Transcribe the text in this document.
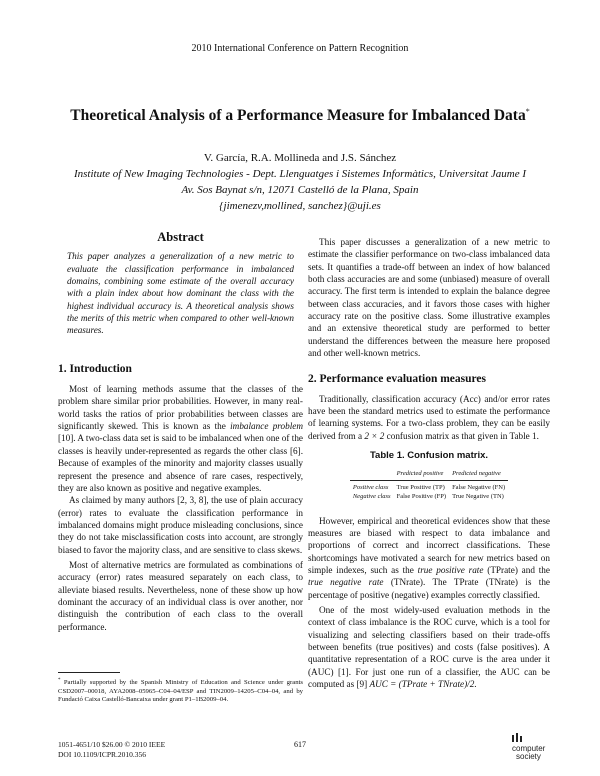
2010 International Conference on Pattern Recognition
Theoretical Analysis of a Performance Measure for Imbalanced Data*
V. García, R.A. Mollineda and J.S. Sánchez
Institute of New Imaging Technologies - Dept. Llenguatges i Sistemes Informàtics, Universitat Jaume I
Av. Sos Baynat s/n, 12071 Castelló de la Plana, Spain
{jimenezv,mollined, sanchez}@uji.es
Abstract

This paper analyzes a generalization of a new metric to evaluate the classification performance in imbalanced domains, combining some estimate of the overall accuracy with a plain index about how dominant the class with the highest individual accuracy is. A theoretical analysis shows the merits of this metric when compared to other well-known measures.

1. Introduction

Most of learning methods assume that the classes of the problem share similar prior probabilities. However, in many real-world tasks the ratios of prior probabilities between classes are significantly skewed. This is known as the imbalance problem [10]. A two-class data set is said to be imbalanced when one of the classes is heavily under-represented as regards the other class [6]. Because of examples of the minority and majority classes usually represent the presence and absence of rare cases, respectively, they are also known as positive and negative examples.

As claimed by many authors [2, 3, 8], the use of plain accuracy (error) rates to evaluate the classification performance in imbalanced domains might produce misleading conclusions, since they do not take misclassification costs into account, are strongly biased to favor the majority class, and are sensitive to class skews.

Most of alternative metrics are formulated as combinations of accuracy (error) rates measured separately on each class, to alleviate biased results. Nevertheless, none of these show up how dominant the accuracy of an individual class is over another, nor distinguish the contribution of each class to the overall performance.

This paper discusses a generalization of a new metric to estimate the classifier performance on two-class imbalanced data sets. It quantifies a trade-off between an index of how balanced both class accuracies are and some (unbiased) measure of overall accuracy. The first term is intended to explain the balance degree between class accuracies, and it favors those cases with higher accuracy rate on the positive class. Some illustrative examples and an extensive theoretical study are performed to better understand the differences between the measure here proposed and other well-known metrics.

2. Performance evaluation measures

Traditionally, classification accuracy (Acc) and/or error rates have been the standard metrics used to estimate the performance of learning systems. For a two-class problem, they can be easily derived from a 2 × 2 confusion matrix as that given in Table 1.

Table 1. Confusion matrix.
	Predicted positive	Predicted negative
Positive class	True Positive (TP)	False Negative (FN)
Negative class	False Positive (FP)	True Negative (TN)

However, empirical and theoretical evidences show that these measures are biased with respect to data imbalance and proportions of correct and incorrect classifications. These shortcomings have motivated a search for new metrics based on simple indexes, such as the true positive rate (TPrate) and the true negative rate (TNrate). The TPrate (TNrate) is the percentage of positive (negative) examples correctly classified.

One of the most widely-used evaluation methods in the context of class imbalance is the ROC curve, which is a tool for visualizing and selecting classifiers based on their trade-offs between benefits (true positives) and costs (false positives). A quantitative representation of a ROC curve is the area under it (AUC) [1]. For just one run of a classifier, the AUC can be computed as [9] AUC = (TPrate + TNrate)/2.

* Partially supported by the Spanish Ministry of Education and Science under grants CSD2007–00018, AYA2008–05965–C04–04/ESP and TIN2009–14205–C04–04, and by Fundació Caixa Castelló-Bancaixa under grant P1–1B2009–04.
1051-4651/10 $26.00 © 2010 IEEE
DOI 10.1109/ICPR.2010.356
617	computer
society
